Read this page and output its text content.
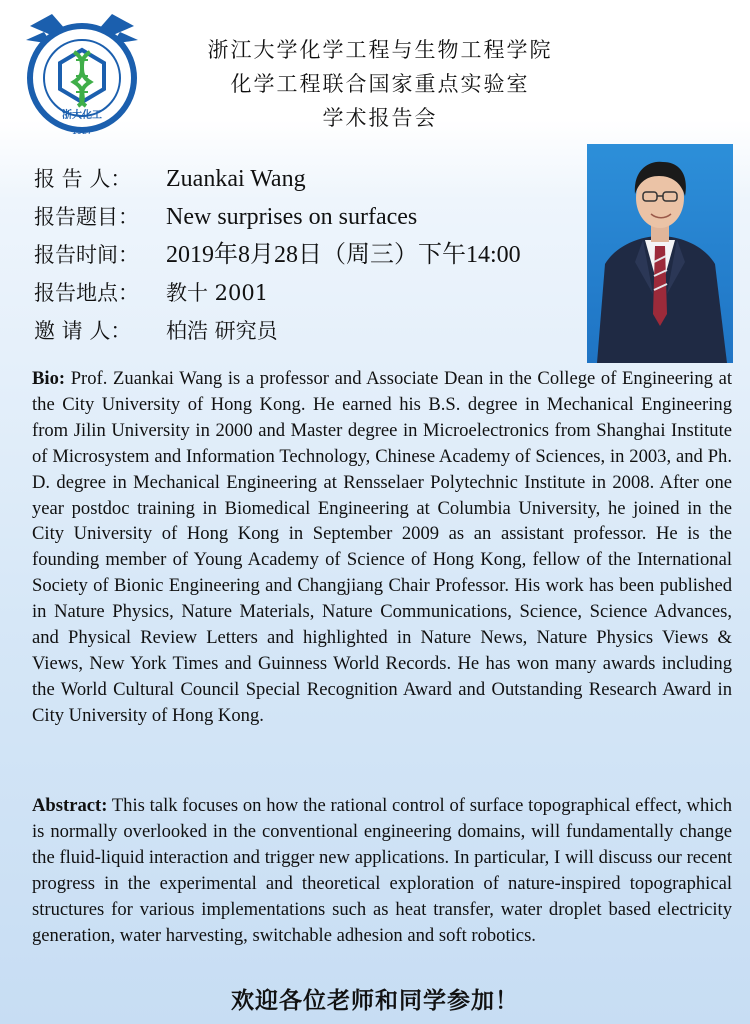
浙大化工
1927
浙江大学化学工程与生物工程学院
化学工程联合国家重点实验室
学术报告会
报 告 人：	Zuankai Wang
报告题目：	New surprises on surfaces
报告时间：	2019年8月28日（周三）下午14:00
报告地点：	教十 2001
邀 请 人：	柏浩 研究员
Bio: Prof. Zuankai Wang is a professor and Associate Dean in the College of Engineering at the City University of Hong Kong. He earned his B.S. degree in Mechanical Engineering from Jilin University in 2000 and Master degree in Microelectronics from Shanghai Institute of Microsystem and Information Technology, Chinese Academy of Sciences, in 2003, and Ph. D. degree in Mechanical Engineering at Rensselaer Polytechnic Institute in 2008. After one year postdoc training in Biomedical Engineering at Columbia University, he joined in the City University of Hong Kong in September 2009 as an assistant professor. He is the founding member of Young Academy of Science of Hong Kong, fellow of the International Society of Bionic Engineering and Changjiang Chair Professor. His work has been published in Nature Physics, Nature Materials, Nature Communications, Science, Science Advances, and Physical Review Letters and highlighted in Nature News, Nature Physics Views & Views, New York Times and Guinness World Records. He has won many awards including the World Cultural Council Special Recognition Award and Outstanding Research Award in City University of Hong Kong.
Abstract: This talk focuses on how the rational control of surface topographical effect, which is normally overlooked in the conventional engineering domains, will fundamentally change the fluid-liquid interaction and trigger new applications. In particular, I will discuss our recent progress in the experimental and theoretical exploration of nature-inspired topographical structures for various implementations such as heat transfer, water droplet based electricity generation, water harvesting, switchable adhesion and soft robotics.
欢迎各位老师和同学参加！
